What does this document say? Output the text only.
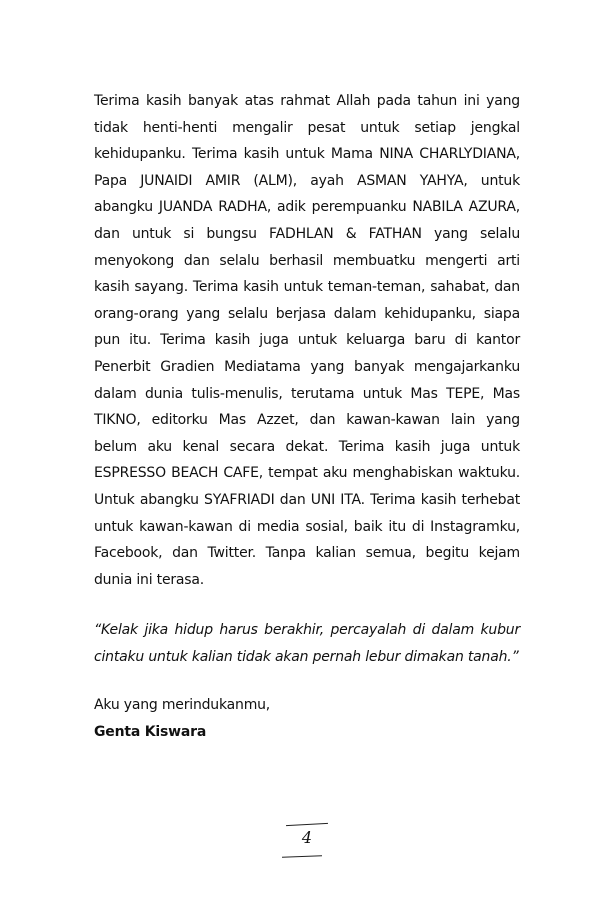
Terima kasih banyak atas rahmat Allah pada tahun ini yang tidak henti-henti mengalir pesat untuk setiap jengkal kehidupanku. Terima kasih untuk Mama NINA CHARLYDIANA, Papa JUNAIDI AMIR (ALM), ayah ASMAN YAHYA, untuk abangku JUANDA RADHA, adik perempuanku NABILA AZURA, dan untuk si bungsu FADHLAN & FATHAN yang selalu menyokong dan selalu berhasil membuatku mengerti arti kasih sayang. Terima kasih untuk teman-teman, sahabat, dan orang-orang yang selalu berjasa dalam kehidupanku, siapa pun itu. Terima kasih juga untuk keluarga baru di kantor Penerbit Gradien Mediatama yang banyak mengajarkanku dalam dunia tulis-menulis, terutama untuk Mas TEPE, Mas TIKNO, editorku Mas Azzet, dan kawan-kawan lain yang belum aku kenal secara dekat. Terima kasih juga untuk ESPRESSO BEACH CAFE, tempat aku menghabiskan waktuku. Untuk abangku SYAFRIADI dan UNI ITA. Terima kasih terhebat untuk kawan-kawan di media sosial, baik itu di Instagramku, Facebook, dan Twitter. Tanpa kalian semua, begitu kejam dunia ini terasa.

“Kelak jika hidup harus berakhir, percayalah di dalam kubur cintaku untuk kalian tidak akan pernah lebur dimakan tanah.”

Aku yang merindukanmu,

Genta Kiswara

4
